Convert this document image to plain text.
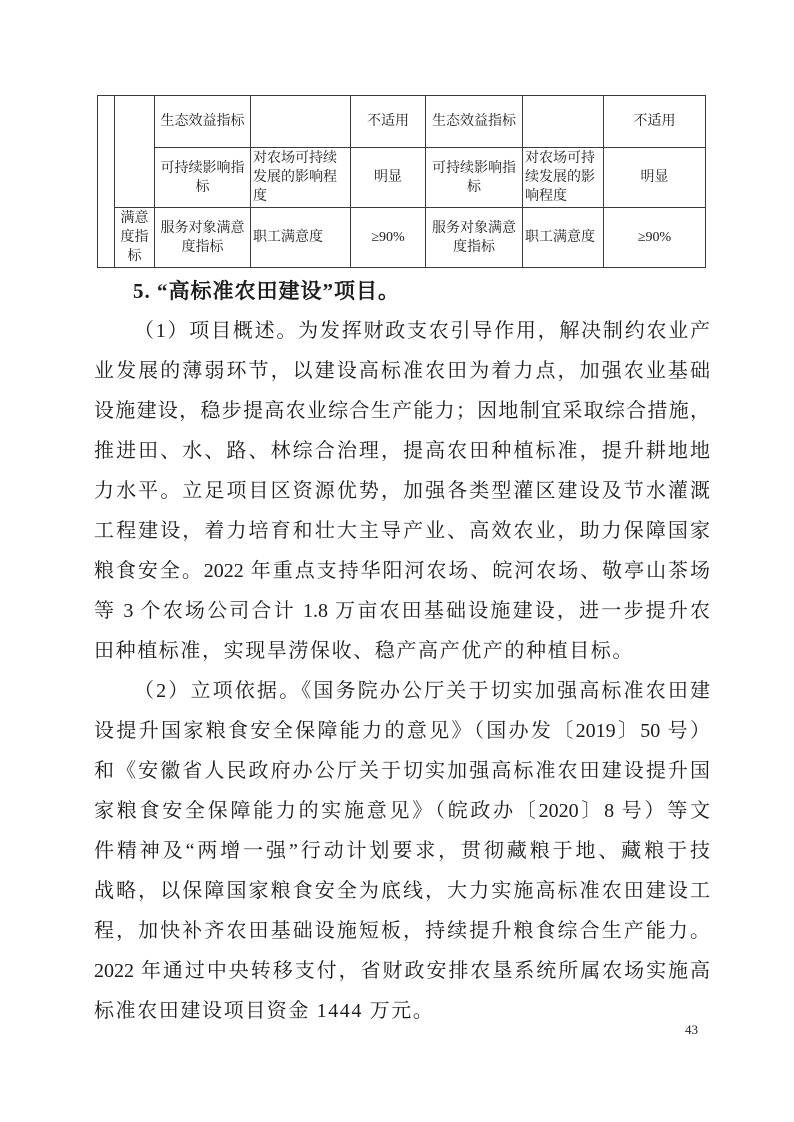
		生态效益指标		不适用	生态效益指标		不适用
		可持续影响指标	对农场可持续发展的影响程度	明显	可持续影响指标	对农场可持续发展的影响程度	明显
	满意度指标	服务对象满意度指标	职工满意度	≥90%	服务对象满意度指标	职工满意度	≥90%
5. “高标准农田建设”项目。
（1）项目概述。为发挥财政支农引导作用，解决制约农业产
业发展的薄弱环节，以建设高标准农田为着力点，加强农业基础
设施建设，稳步提高农业综合生产能力；因地制宜采取综合措施，
推进田、水、路、林综合治理，提高农田种植标准，提升耕地地
力水平。立足项目区资源优势，加强各类型灌区建设及节水灌溉
工程建设，着力培育和壮大主导产业、高效农业，助力保障国家
粮食安全。2022 年重点支持华阳河农场、皖河农场、敬亭山茶场
等 3 个农场公司合计 1.8 万亩农田基础设施建设，进一步提升农
田种植标准，实现旱涝保收、稳产高产优产的种植目标。
（2）立项依据。《国务院办公厅关于切实加强高标准农田建
设提升国家粮食安全保障能力的意见》（国办发〔2019〕50 号）
和《安徽省人民政府办公厅关于切实加强高标准农田建设提升国
家粮食安全保障能力的实施意见》（皖政办〔2020〕8 号）等文
件精神及“两增一强”行动计划要求，贯彻藏粮于地、藏粮于技
战略，以保障国家粮食安全为底线，大力实施高标准农田建设工
程，加快补齐农田基础设施短板，持续提升粮食综合生产能力。
2022 年通过中央转移支付，省财政安排农垦系统所属农场实施高
标准农田建设项目资金 1444 万元。
43
